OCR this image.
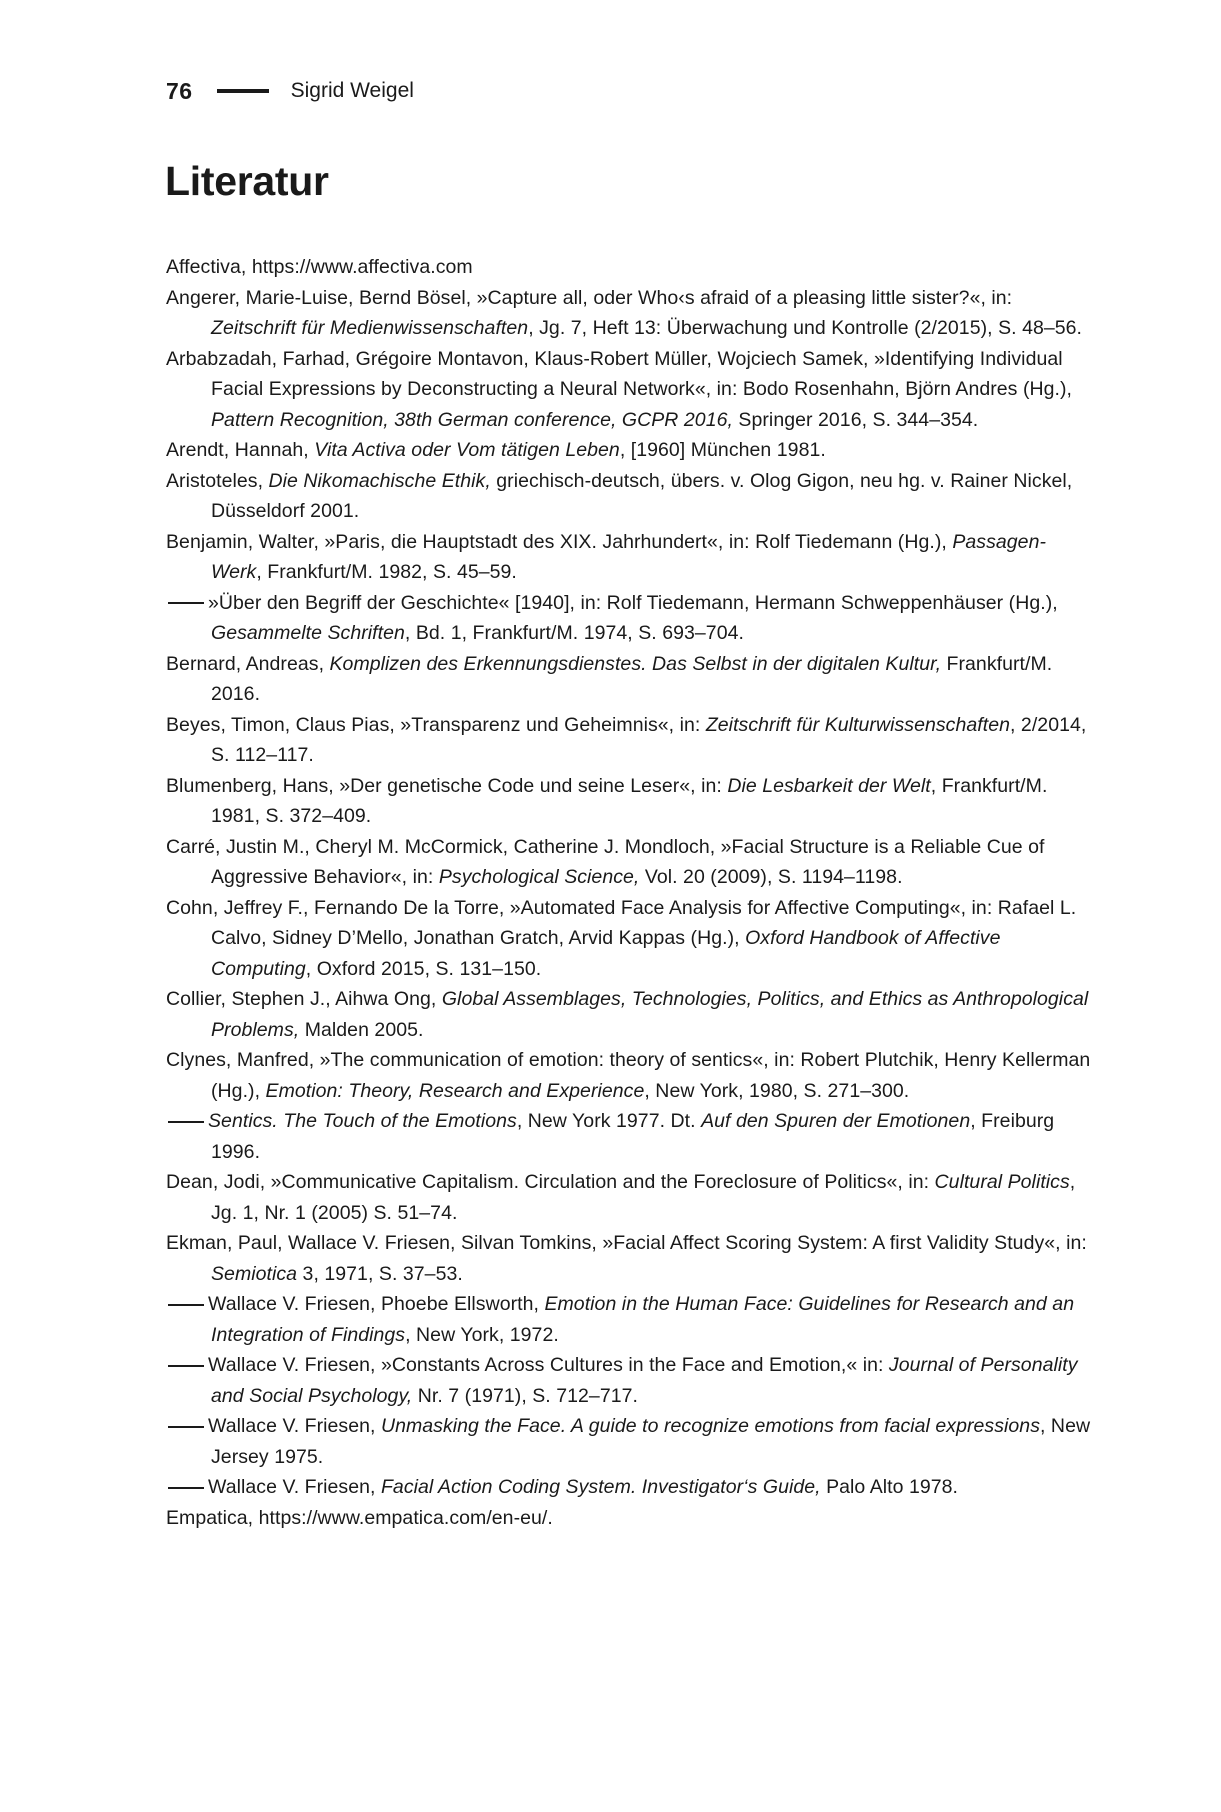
76	Sigrid Weigel
Literatur
Affectiva, https://www.affectiva.com
Angerer, Marie-Luise, Bernd Bösel, »Capture all, oder Who‹s afraid of a pleasing little sister?«, in: Zeitschrift für Medienwissenschaften, Jg. 7, Heft 13: Überwachung und Kontrolle (2/2015), S. 48–56.
Arbabzadah, Farhad, Grégoire Montavon, Klaus-Robert Müller, Wojciech Samek, »Identifying Individual Facial Expressions by Deconstructing a Neural Network«, in: Bodo Rosenhahn, Björn Andres (Hg.), Pattern Recognition, 38th German conference, GCPR 2016, Springer 2016, S. 344–354.
Arendt, Hannah, Vita Activa oder Vom tätigen Leben, [1960] München 1981.
Aristoteles, Die Nikomachische Ethik, griechisch-deutsch, übers. v. Olog Gigon, neu hg. v. Rainer Nickel, Düsseldorf 2001.
Benjamin, Walter, »Paris, die Hauptstadt des XIX. Jahrhundert«, in: Rolf Tiedemann (Hg.), Passagen-Werk, Frankfurt/M. 1982, S. 45–59.
»Über den Begriff der Geschichte« [1940], in: Rolf Tiedemann, Hermann Schweppenhäuser (Hg.), Gesammelte Schriften, Bd. 1, Frankfurt/M. 1974, S. 693–704.
Bernard, Andreas, Komplizen des Erkennungsdienstes. Das Selbst in der digitalen Kultur, Frankfurt/M. 2016.
Beyes, Timon, Claus Pias, »Transparenz und Geheimnis«, in: Zeitschrift für Kulturwissenschaften, 2/2014, S. 112–117.
Blumenberg, Hans, »Der genetische Code und seine Leser«, in: Die Lesbarkeit der Welt, Frankfurt/M. 1981, S. 372–409.
Carré, Justin M., Cheryl M. McCormick, Catherine J. Mondloch, »Facial Structure is a Reliable Cue of Aggressive Behavior«, in: Psychological Science, Vol. 20 (2009), S. 1194–1198.
Cohn, Jeffrey F., Fernando De la Torre, »Automated Face Analysis for Affective Computing«, in: Rafael L. Calvo, Sidney D’Mello, Jonathan Gratch, Arvid Kappas (Hg.), Oxford Handbook of Affective Computing, Oxford 2015, S. 131–150.
Collier, Stephen J., Aihwa Ong, Global Assemblages, Technologies, Politics, and Ethics as Anthropological Problems, Malden 2005.
Clynes, Manfred, »The communication of emotion: theory of sentics«, in: Robert Plutchik, Henry Kellerman (Hg.), Emotion: Theory, Research and Experience, New York, 1980, S. 271–300.
Sentics. The Touch of the Emotions, New York 1977. Dt. Auf den Spuren der Emotionen, Freiburg 1996.
Dean, Jodi, »Communicative Capitalism. Circulation and the Foreclosure of Politics«, in: Cultural Politics, Jg. 1, Nr. 1 (2005) S. 51–74.
Ekman, Paul, Wallace V. Friesen, Silvan Tomkins, »Facial Affect Scoring System: A first Validity Study«, in: Semiotica 3, 1971, S. 37–53.
Wallace V. Friesen, Phoebe Ellsworth, Emotion in the Human Face: Guidelines for Research and an Integration of Findings, New York, 1972.
Wallace V. Friesen, »Constants Across Cultures in the Face and Emotion,« in: Journal of Personality and Social Psychology, Nr. 7 (1971), S. 712–717.
Wallace V. Friesen, Unmasking the Face. A guide to recognize emotions from facial expressions, New Jersey 1975.
Wallace V. Friesen, Facial Action Coding System. Investigator‘s Guide, Palo Alto 1978.
Empatica, https://www.empatica.com/en-eu/.
